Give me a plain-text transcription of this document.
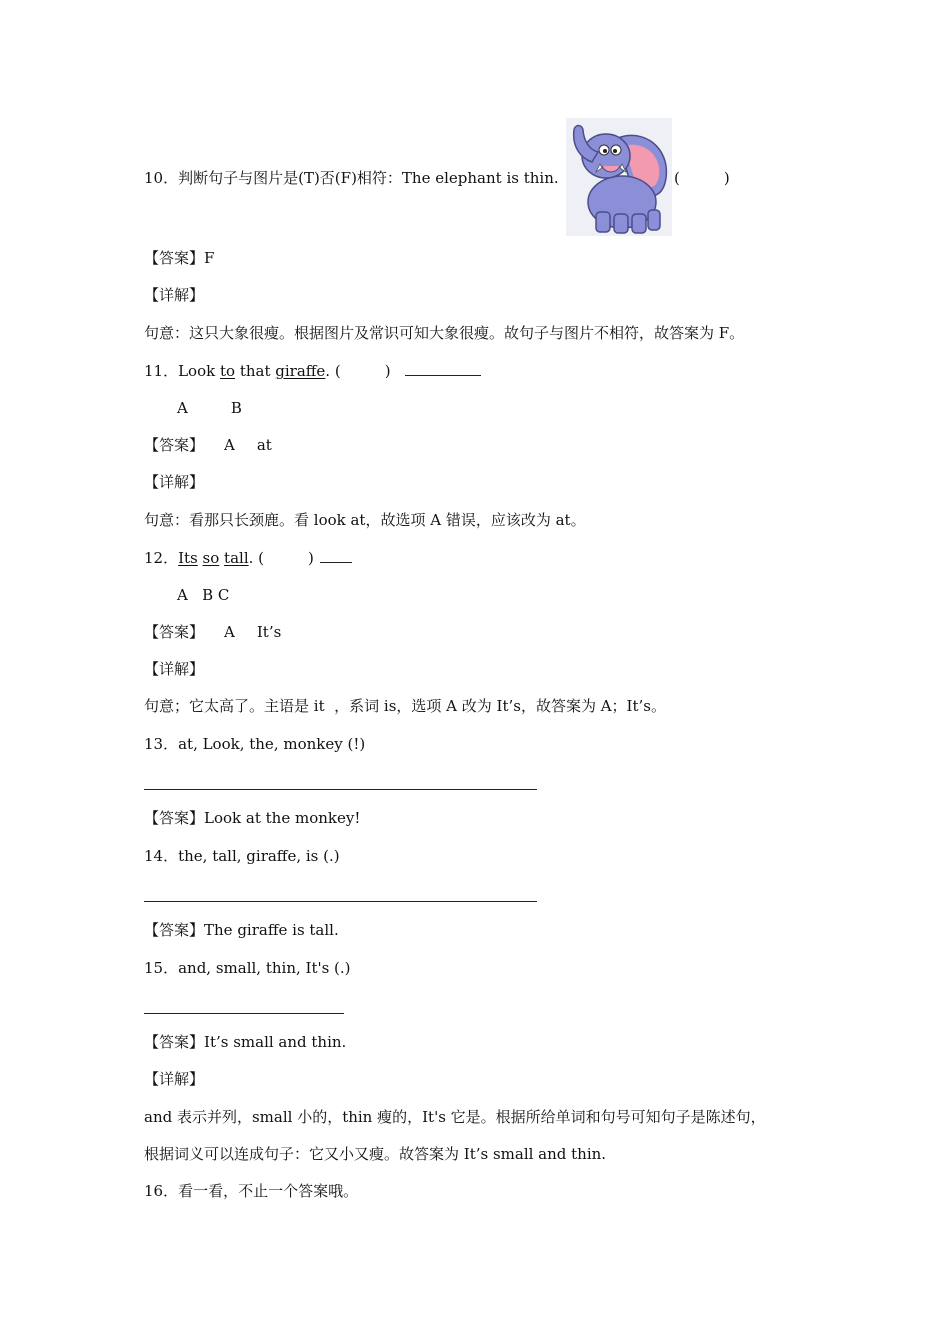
10．判断句子与图片是(T)否(F)相符：The elephant is thin.	(	)
【答案】F
【详解】
句意：这只大象很瘦。根据图片及常识可知大象很瘦。故句子与图片不相符，故答案为 F。
11．Look to that giraffe. (	)
A	B
【答案】 A at
【详解】
句意：看那只长颈鹿。看 look at，故选项 A 错误，应该改为 at。
12．Its so tall. (	)
A   B C
【答案】 A It’s
【详解】
句意；它太高了。主语是 it  ，系词 is，选项 A 改为 It’s，故答案为 A；It’s。
13．at, Look, the, monkey (!)
【答案】Look at the monkey!
14．the, tall, giraffe, is (.)
【答案】The giraffe is tall.
15．and, small, thin, It's (.)
【答案】It’s small and thin.
【详解】
and 表示并列，small 小的，thin 瘦的，It's 它是。根据所给单词和句号可知句子是陈述句，
根据词义可以连成句子：它又小又瘦。故答案为 It’s small and thin.
16．看一看，不止一个答案哦。
